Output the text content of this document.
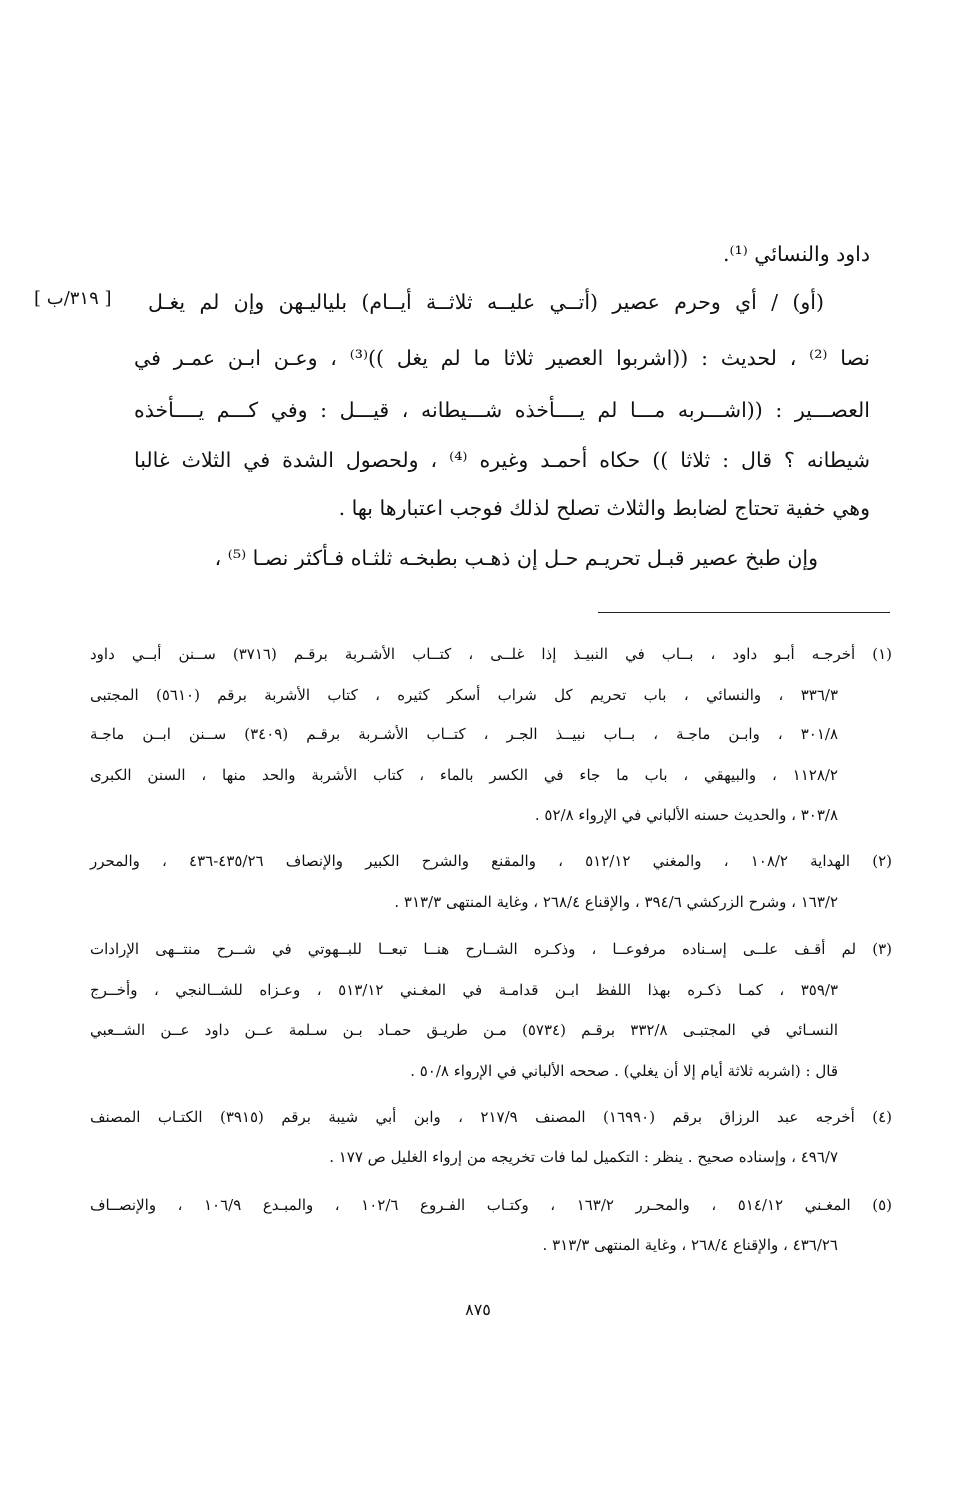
داود والنسائي ⁽¹⁾.
(أو) / أي وحرم عصير (أتــي عليــه ثلاثــة أيــام) بلياليـهن وإن لم يغـل
[ ٣١٩/ب ]
نصا ⁽²⁾ ، لحديث : ((اشربوا العصير ثلاثا ما لم يغل ))⁽³⁾ ، وعـن ابـن عمـر في
العصـــير : ((اشـــربه مـــا لم يــــأخذه شـــيطانه ، قيـــل : وفي كـــم يــــأخذه
شيطانه ؟ قال : ثلاثا )) حكاه أحمـد وغيره ⁽⁴⁾ ، ولحصول الشدة في الثلاث غالبا
وهي خفية تحتاج لضابط والثلاث تصلح لذلك فوجب اعتبارها بها .
وإن طبخ عصير قبـل تحريـم حـل إن ذهـب بطبخـه ثلثـاه فـأكثر نصـا ⁽⁵⁾ ،
(١) أخرجـه أبـو داود ، بــاب في النبيـذ إذا غلــى ، كتــاب الأشـربة برقـم (٣٧١٦) ســنن أبــي داود
٣٣٦/٣ ، والنسائي ، باب تحريم كل شراب أسكر كثيره ، كتاب الأشربة برقم (٥٦١٠) المجتبى
٣٠١/٨ ، وابـن ماجـة ، بــاب نبيــذ الجـر ، كتــاب الأشـربة برقـم (٣٤٠٩) ســنن ابــن ماجـة
١١٢٨/٢ ، والبيهقي ، باب ما جاء في الكسر بالماء ، كتاب الأشربة والحد منها ، السنن الكبرى
٣٠٣/٨ ، والحديث حسنه الألباني في الإرواء ٥٢/٨ .
(٢) الهداية ١٠٨/٢ ، والمغني ٥١٢/١٢ ، والمقنع والشرح الكبير والإنصاف ٤٣٥/٢٦-٤٣٦ ، والمحرر
١٦٣/٢ ، وشرح الزركشي ٣٩٤/٦ ، والإقناع ٢٦٨/٤ ، وغاية المنتهى ٣١٣/٣ .
(٣) لم أقـف علــى إسـناده مرفوعــا ، وذكـره الشــارح هنــا تبعــا للبــهوتي في شــرح منتــهى الإرادات
٣٥٩/٣ ، كمـا ذكـره بهذا اللفظ ابـن قدامـة في المغـني ٥١٣/١٢ ، وعـزاه للشــالنجي ، وأخــرج
النسـائي في المجتبـى ٣٣٢/٨ برقـم (٥٧٣٤) مـن طريـق حمـاد بـن سـلمة عــن داود عــن الشــعبي
قال : (اشربه ثلاثة أيام إلا أن يغلي) . صححه الألباني في الإرواء ٥٠/٨ .
(٤) أخرجه عبد الرزاق برقم (١٦٩٩٠) المصنف ٢١٧/٩ ، وابن أبي شيبة برقم (٣٩١٥) الكتـاب المصنف
٤٩٦/٧ ، وإسناده صحيح . ينظر : التكميل لما فات تخريجه من إرواء الغليل ص ١٧٧ .
(٥) المغـني ٥١٤/١٢ ، والمحـرر ١٦٣/٢ ، وكتـاب الفـروع ١٠٢/٦ ، والمبـدع ١٠٦/٩ ، والإنصــاف
٤٣٦/٢٦ ، والإقناع ٢٦٨/٤ ، وغاية المنتهى ٣١٣/٣ .
٨٧٥
